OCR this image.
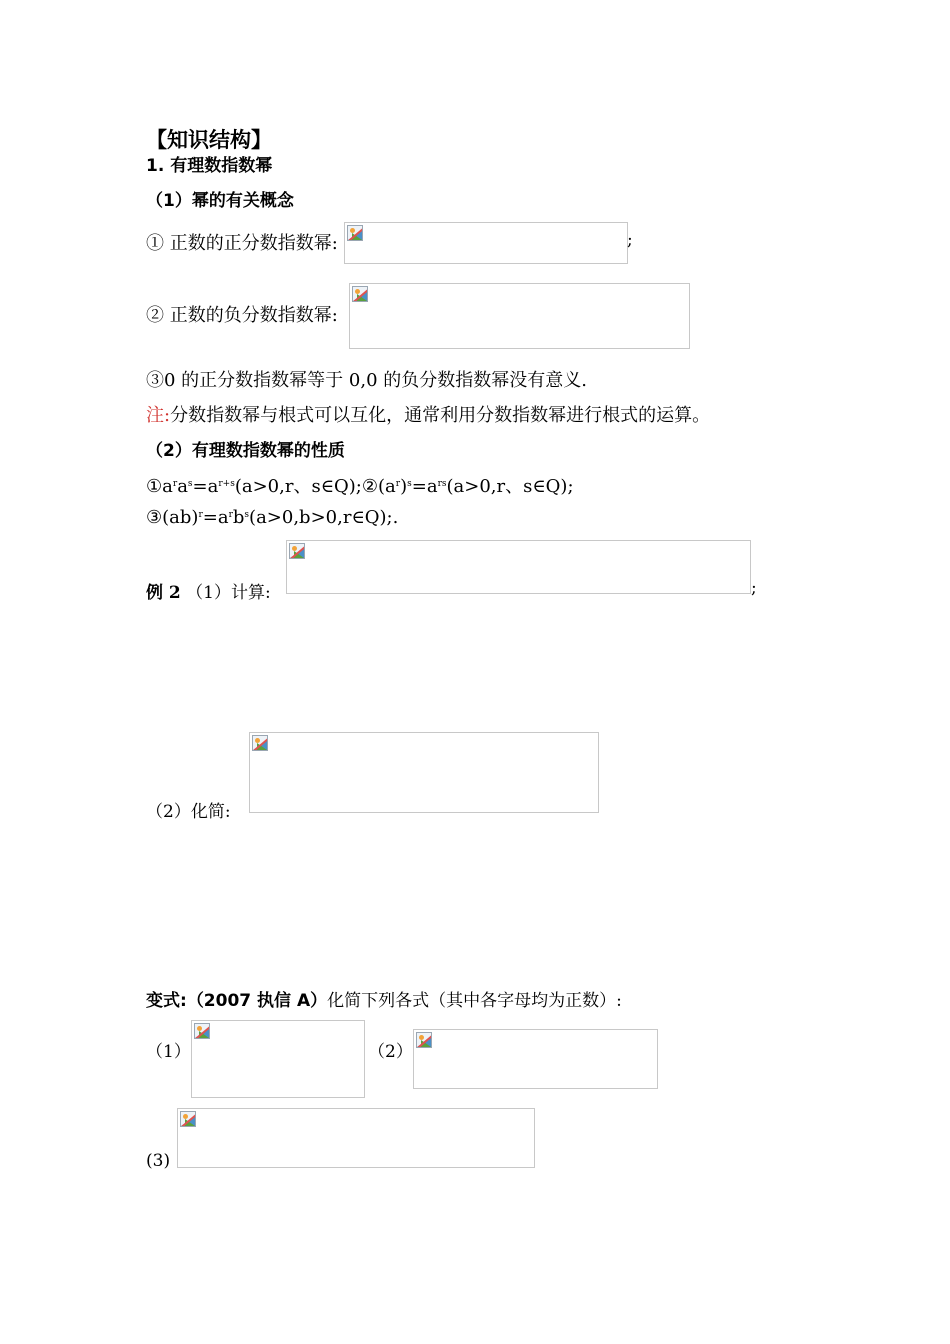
【知识结构】
1. 有理数指数幂
（1）幂的有关概念
① 正数的正分数指数幂:	;
② 正数的负分数指数幂:
③0 的正分数指数幂等于 0,0 的负分数指数幂没有意义.
注:分数指数幂与根式可以互化，通常利用分数指数幂进行根式的运算。
（2）有理数指数幂的性质
$①a^ra^s=a^{r+s}(a>0,r$、$s\in Q);②(a^r)^s=a^{rs}(a>0,r$、s∈Q);
$③(ab)^r=a^rb^s(a>0,b>0,r\in Q)$;.
例 2 （1）计算:	;
（2）化简:
变式:（2007 执信 A）化简下列各式（其中各字母均为正数）:
（1）	（2）
(3)
